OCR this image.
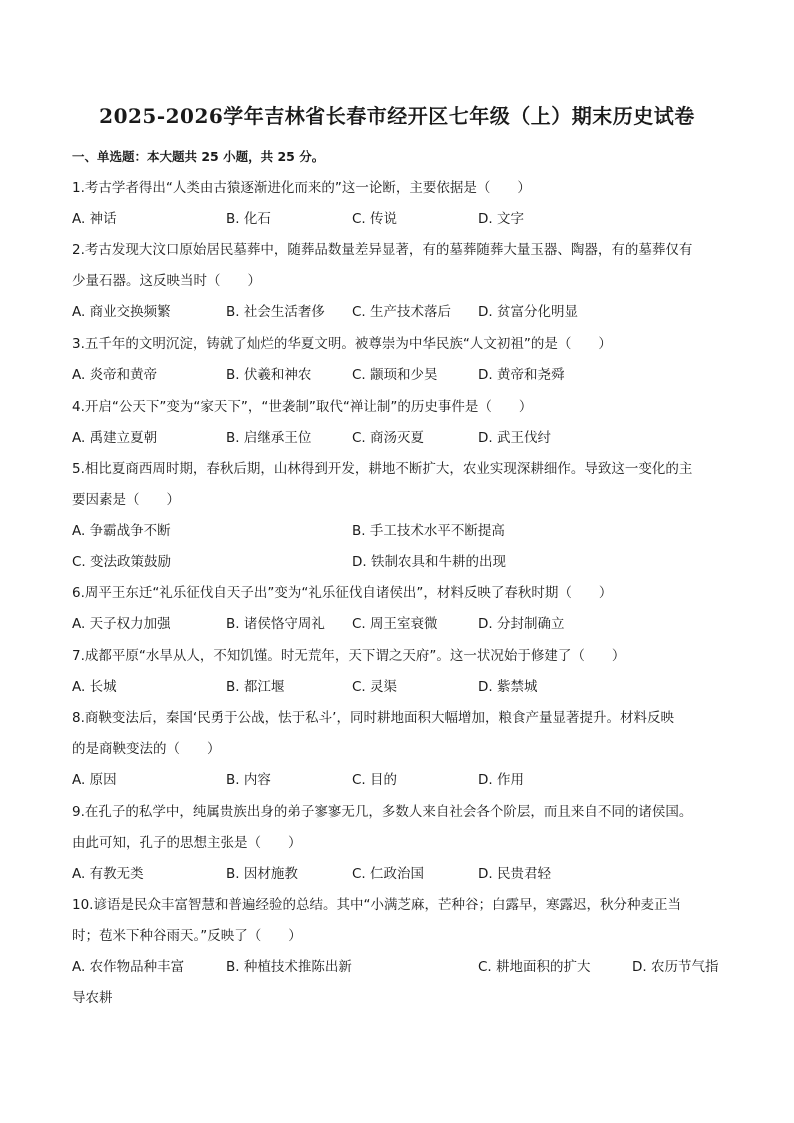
2025-2026学年吉林省长春市经开区七年级（上）期末历史试卷
一、单选题：本大题共 25 小题，共 25 分。
1.考古学者得出“人类由古猿逐渐进化而来的”这一论断，主要依据是（　　）
A. 神话	B. 化石	C. 传说	D. 文字
2.考古发现大汶口原始居民墓葬中，随葬品数量差异显著，有的墓葬随葬大量玉器、陶器，有的墓葬仅有
少量石器。这反映当时（　　）
A. 商业交换频繁	B. 社会生活奢侈 C. 生产技术落后 D. 贫富分化明显
3.五千年的文明沉淀，铸就了灿烂的华夏文明。被尊崇为中华民族“人文初祖”的是（　　）
A. 炎帝和黄帝	B. 伏羲和神农	C. 颛顼和少昊	D. 黄帝和尧舜
4.开启“公天下”变为“家天下”，“世袭制”取代“禅让制”的历史事件是（　　）
A. 禹建立夏朝	B. 启继承王位	C. 商汤灭夏	D. 武王伐纣
5.相比夏商西周时期，春秋后期，山林得到开发，耕地不断扩大，农业实现深耕细作。导致这一变化的主
要因素是（　　）
A. 争霸战争不断	B. 手工技术水平不断提高
C. 变法政策鼓励	D. 铁制农具和牛耕的出现
6.周平王东迁“礼乐征伐自天子出”变为“礼乐征伐自诸侯出”，材料反映了春秋时期（　　）
A. 天子权力加强	B. 诸侯恪守周礼 C. 周王室衰微	D. 分封制确立
7.成都平原“水旱从人，不知饥馑。时无荒年，天下谓之天府”。这一状况始于修建了（　　）
A. 长城	B. 都江堰	C. 灵渠	D. 紫禁城
8.商鞅变法后，秦国‘民勇于公战，怯于私斗’，同时耕地面积大幅增加，粮食产量显著提升。材料反映
的是商鞅变法的（　　）
A. 原因	B. 内容	C. 目的	D. 作用
9.在孔子的私学中，纯属贵族出身的弟子寥寥无几，多数人来自社会各个阶层，而且来自不同的诸侯国。
由此可知，孔子的思想主张是（　　）
A. 有教无类	B. 因材施教	C. 仁政治国	D. 民贵君轻
10.谚语是民众丰富智慧和普遍经验的总结。其中“小满芝麻，芒种谷；白露早，寒露迟，秋分种麦正当
时；苞米下种谷雨天。”反映了（　　）
A. 农作物品种丰富	B. 种植技术推陈出新	C. 耕地面积的扩大	D. 农历节气指
导农耕
